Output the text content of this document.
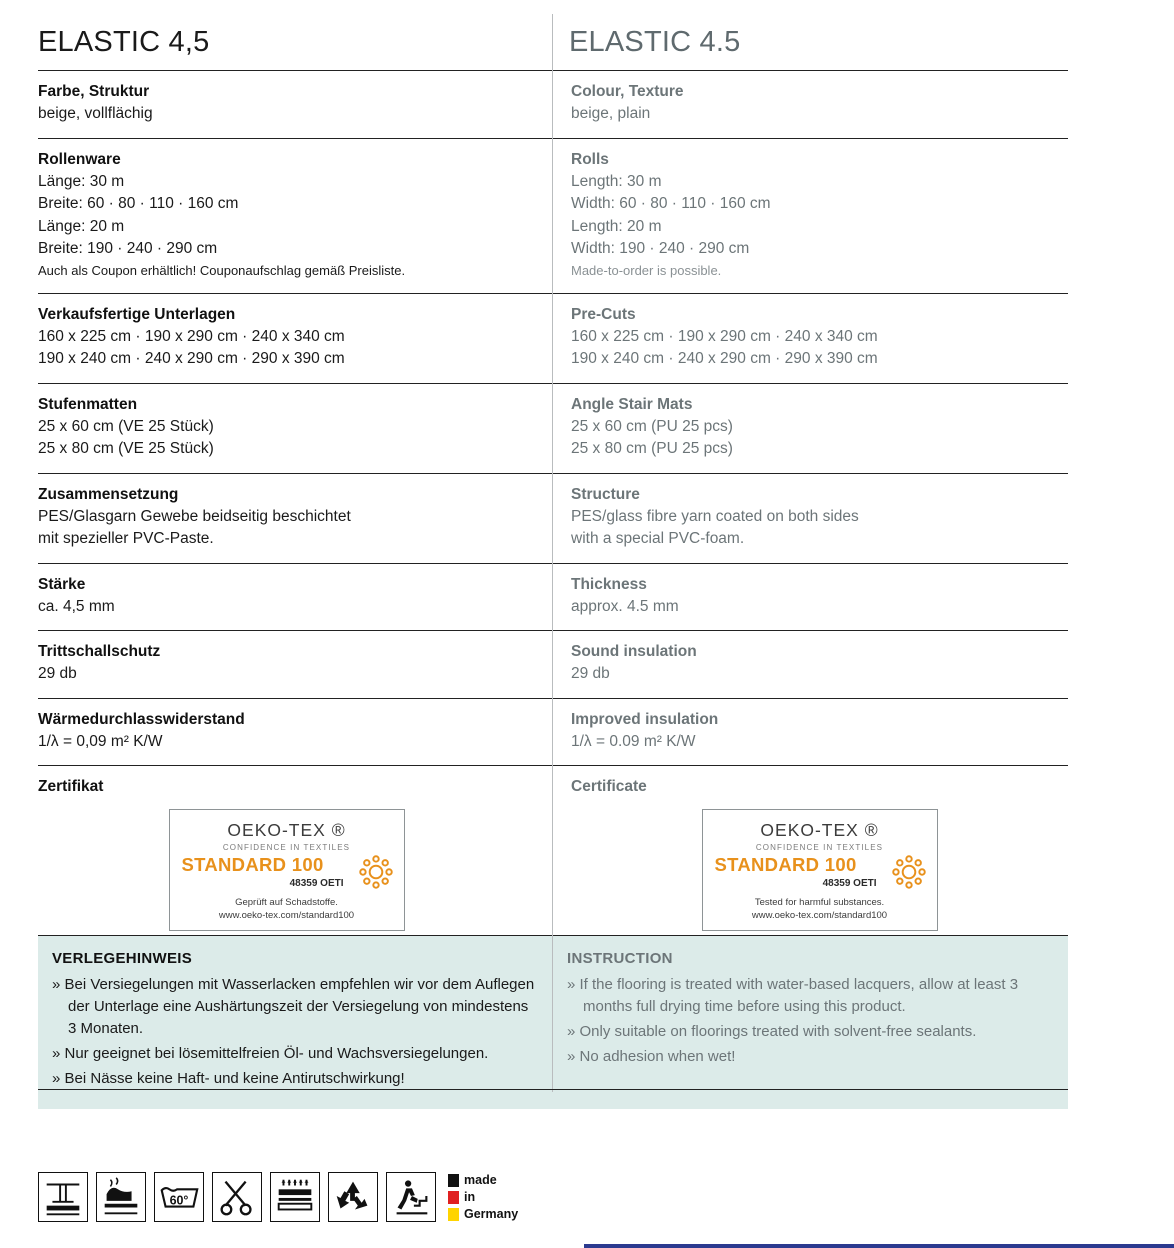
ELASTIC 4,5	ELASTIC 4.5
Farbe, Struktur
beige, vollflächig
Colour, Texture
beige, plain
Rollenware
Länge: 30 m
Breite: 60 · 80 · 110 · 160 cm
Länge: 20 m
Breite: 190 · 240 · 290 cm
Auch als Coupon erhältlich! Couponaufschlag gemäß Preisliste.
Rolls
Length: 30 m
Width: 60 · 80 · 110 · 160 cm
Length: 20 m
Width: 190 · 240 · 290 cm
Made-to-order is possible.
Verkaufsfertige Unterlagen
160 x 225 cm · 190 x 290 cm · 240 x 340 cm
190 x 240 cm · 240 x 290 cm · 290 x 390 cm
Pre-Cuts
160 x 225 cm · 190 x 290 cm · 240 x 340 cm
190 x 240 cm · 240 x 290 cm · 290 x 390 cm
Stufenmatten
25 x 60 cm (VE 25 Stück)
25 x 80 cm (VE 25 Stück)
Angle Stair Mats
25 x 60 cm (PU 25 pcs)
25 x 80 cm (PU 25 pcs)
Zusammensetzung
PES/Glasgarn Gewebe beidseitig beschichtet
mit spezieller PVC-Paste.
Structure
PES/glass fibre yarn coated on both sides
with a special PVC-foam.
Stärke
ca. 4,5 mm
Thickness
approx. 4.5 mm
Trittschallschutz
29 db
Sound insulation
29 db
Wärmedurchlasswiderstand
1/λ = 0,09 m² K/W
Improved insulation
1/λ = 0.09 m² K/W
Zertifikat
OEKO-TEX ®
CONFIDENCE IN TEXTILES
STANDARD 100
48359 OETI
Geprüft auf Schadstoffe.
www.oeko-tex.com/standard100
Certificate
OEKO-TEX ®
CONFIDENCE IN TEXTILES
STANDARD 100
48359 OETI
Tested for harmful substances.
www.oeko-tex.com/standard100
VERLEGEHINWEIS
» Bei Versiegelungen mit Wasserlacken empfehlen wir vor dem Auflegen der Unterlage eine Aushärtungszeit der Versiegelung von mindestens 3 Monaten.
» Nur geeignet bei lösemittelfreien Öl- und Wachsversiegelungen.
» Bei Nässe keine Haft- und keine Antirutschwirkung!
INSTRUCTION
» If the flooring is treated with water-based lacquers, allow at least 3 months full drying time before using this product.
» Only suitable on floorings treated with solvent-free sealants.
» No adhesion when wet!
60°
made
in
Germany
